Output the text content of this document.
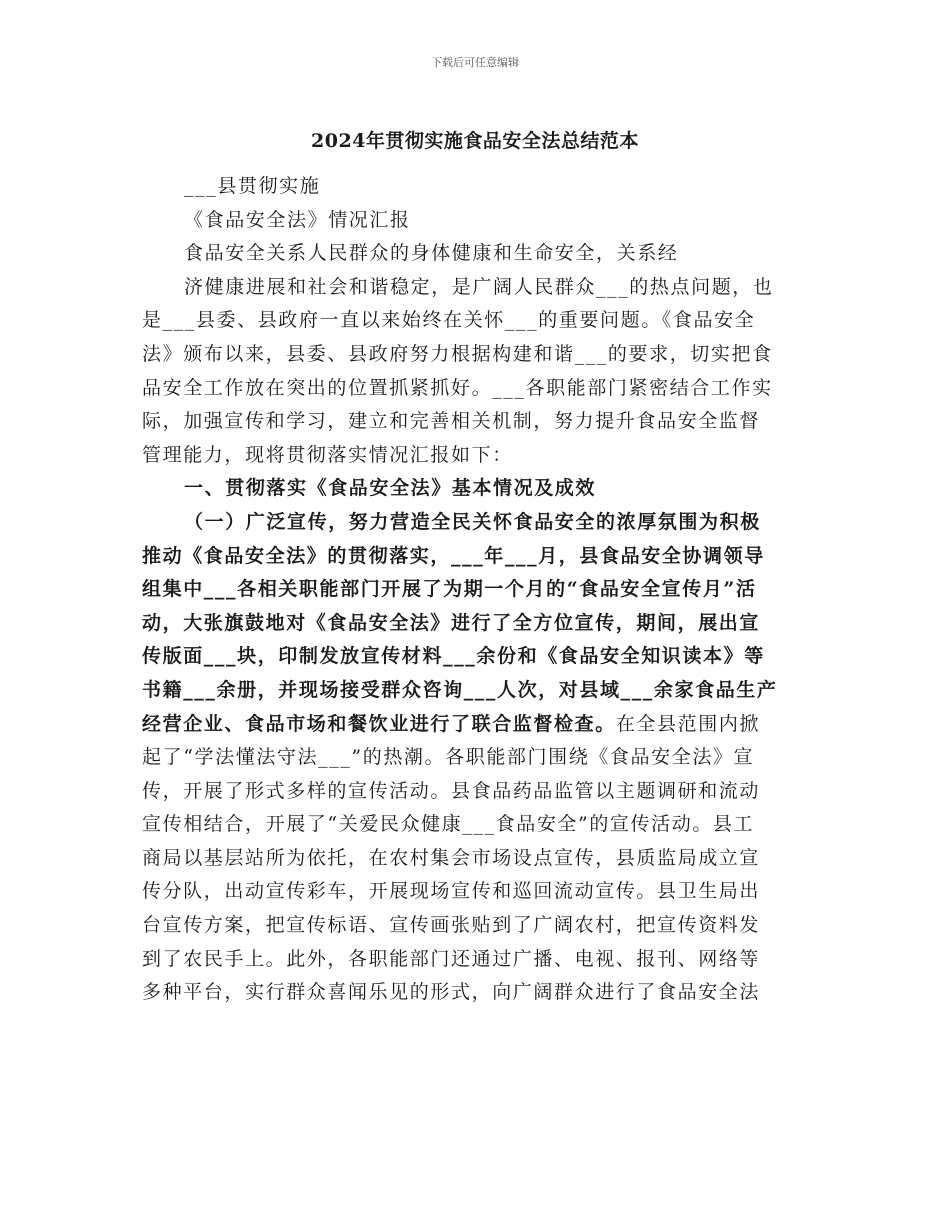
下载后可任意编辑
2024年贯彻实施食品安全法总结范本
___县贯彻实施
《食品安全法》情况汇报
食品安全关系人民群众的身体健康和生命安全，关系经
济健康进展和社会和谐稳定，是广阔人民群众___的热点问题，也
是___县委、县政府一直以来始终在关怀___的重要问题。《食品安全
法》颁布以来，县委、县政府努力根据构建和谐___的要求，切实把食
品安全工作放在突出的位置抓紧抓好。___各职能部门紧密结合工作实
际，加强宣传和学习，建立和完善相关机制，努力提升食品安全监督
管理能力，现将贯彻落实情况汇报如下：
一、贯彻落实《食品安全法》基本情况及成效
（一）广泛宣传，努力营造全民关怀食品安全的浓厚氛围为积极
推动《食品安全法》的贯彻落实，___年___月，县食品安全协调领导
组集中___各相关职能部门开展了为期一个月的“食品安全宣传月”活
动，大张旗鼓地对《食品安全法》进行了全方位宣传，期间，展出宣
传版面___块，印制发放宣传材料___余份和《食品安全知识读本》等
书籍___余册，并现场接受群众咨询___人次，对县域___余家食品生产
经营企业、食品市场和餐饮业进行了联合监督检查。在全县范围内掀
起了“学法懂法守法___”的热潮。各职能部门围绕《食品安全法》宣
传，开展了形式多样的宣传活动。县食品药品监管以主题调研和流动
宣传相结合，开展了“关爱民众健康___食品安全”的宣传活动。县工
商局以基层站所为依托，在农村集会市场设点宣传，县质监局成立宣
传分队，出动宣传彩车，开展现场宣传和巡回流动宣传。县卫生局出
台宣传方案，把宣传标语、宣传画张贴到了广阔农村，把宣传资料发
到了农民手上。此外，各职能部门还通过广播、电视、报刊、网络等
多种平台，实行群众喜闻乐见的形式，向广阔群众进行了食品安全法
